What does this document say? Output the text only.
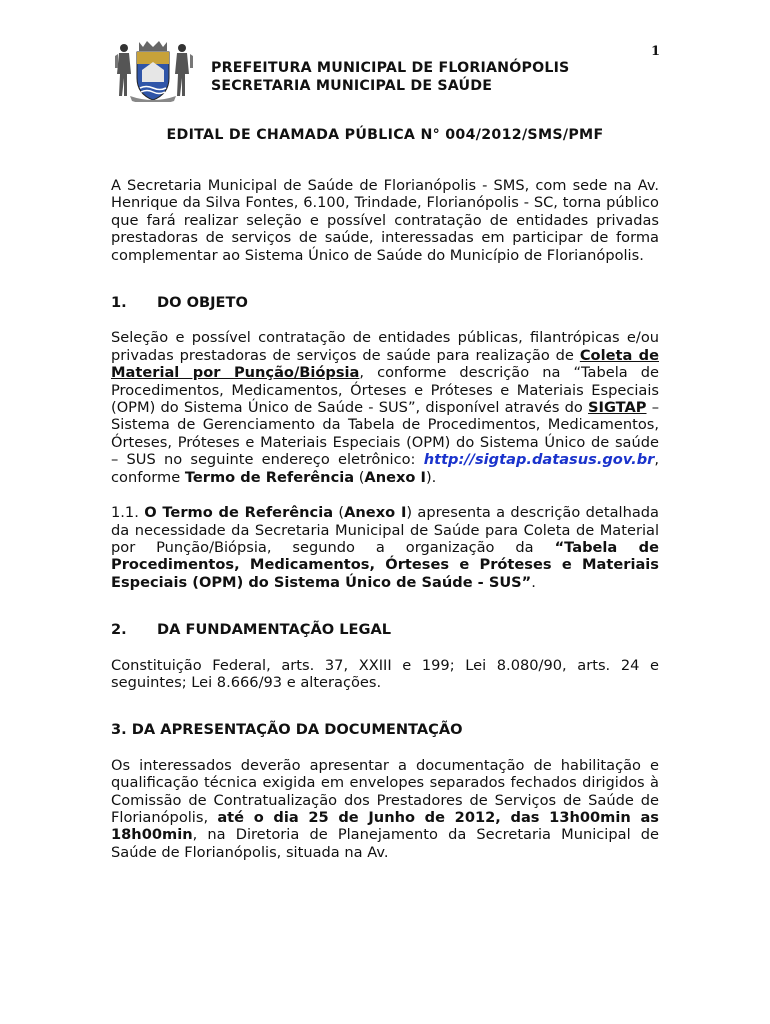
1
PREFEITURA MUNICIPAL DE FLORIANÓPOLIS
SECRETARIA MUNICIPAL DE SAÚDE
EDITAL DE CHAMADA PÚBLICA N° 004/2012/SMS/PMF

A Secretaria Municipal de Saúde de Florianópolis - SMS, com sede na Av. Henrique da Silva Fontes, 6.100, Trindade, Florianópolis - SC, torna público que fará realizar seleção e possível contratação de entidades privadas prestadoras de serviços de saúde, interessadas em participar de forma complementar ao Sistema Único de Saúde do Município de Florianópolis.

1.	DO OBJETO

Seleção e possível contratação de entidades públicas, filantrópicas e/ou privadas prestadoras de serviços de saúde para realização de Coleta de Material por Punção/Biópsia, conforme descrição na “Tabela de Procedimentos, Medicamentos, Órteses e Próteses e Materiais Especiais (OPM) do Sistema Único de Saúde - SUS”, disponível através do SIGTAP – Sistema de Gerenciamento da Tabela de Procedimentos, Medicamentos, Órteses, Próteses e Materiais Especiais (OPM) do Sistema Único de saúde – SUS no seguinte endereço eletrônico: http://sigtap.datasus.gov.br, conforme Termo de Referência (Anexo I).

1.1. O Termo de Referência (Anexo I) apresenta a descrição detalhada da necessidade da Secretaria Municipal de Saúde para Coleta de Material por Punção/Biópsia, segundo a organização da “Tabela de Procedimentos, Medicamentos, Órteses e Próteses e Materiais Especiais (OPM) do Sistema Único de Saúde - SUS”.

2.	DA FUNDAMENTAÇÃO LEGAL

Constituição Federal, arts. 37, XXIII e 199; Lei 8.080/90, arts. 24 e seguintes; Lei 8.666/93 e alterações.

3. DA APRESENTAÇÃO DA DOCUMENTAÇÃO

Os interessados deverão apresentar a documentação de habilitação e qualificação técnica exigida em envelopes separados fechados dirigidos à Comissão de Contratualização dos Prestadores de Serviços de Saúde de Florianópolis, até o dia 25 de Junho de 2012, das 13h00min as 18h00min, na Diretoria de Planejamento da Secretaria Municipal de Saúde de Florianópolis, situada na Av.
